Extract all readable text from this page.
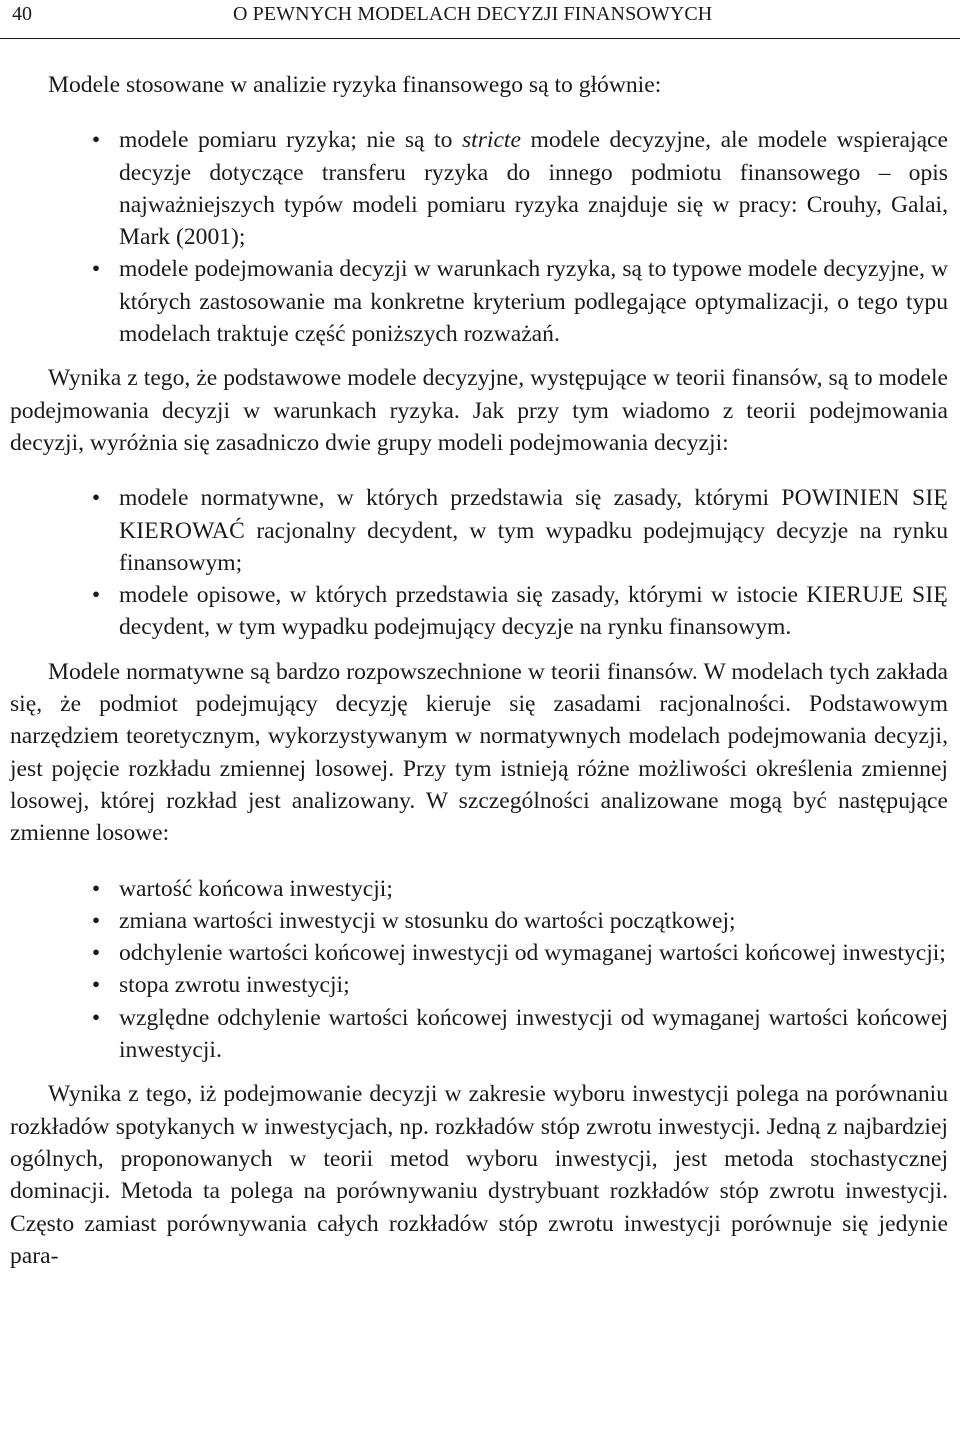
40	O PEWNYCH MODELACH DECYZJI FINANSOWYCH

Modele stosowane w analizie ryzyka finansowego są to głównie:

• modele pomiaru ryzyka; nie są to stricte modele decyzyjne, ale modele wspierające decyzje dotyczące transferu ryzyka do innego podmiotu finansowego – opis najważniejszych typów modeli pomiaru ryzyka znajduje się w pracy: Crouhy, Galai, Mark (2001);
• modele podejmowania decyzji w warunkach ryzyka, są to typowe modele decyzyjne, w których zastosowanie ma konkretne kryterium podlegające optymalizacji, o tego typu modelach traktuje część poniższych rozważań.

Wynika z tego, że podstawowe modele decyzyjne, występujące w teorii finansów, są to modele podejmowania decyzji w warunkach ryzyka. Jak przy tym wiadomo z teorii podejmowania decyzji, wyróżnia się zasadniczo dwie grupy modeli podejmowania decyzji:

• modele normatywne, w których przedstawia się zasady, którymi POWINIEN SIĘ KIEROWAĆ racjonalny decydent, w tym wypadku podejmujący decyzje na rynku finansowym;
• modele opisowe, w których przedstawia się zasady, którymi w istocie KIERUJE SIĘ decydent, w tym wypadku podejmujący decyzje na rynku finansowym.

Modele normatywne są bardzo rozpowszechnione w teorii finansów. W modelach tych zakłada się, że podmiot podejmujący decyzję kieruje się zasadami racjonalności. Podstawowym narzędziem teoretycznym, wykorzystywanym w normatywnych modelach podejmowania decyzji, jest pojęcie rozkładu zmiennej losowej. Przy tym istnieją różne możliwości określenia zmiennej losowej, której rozkład jest analizowany. W szczególności analizowane mogą być następujące zmienne losowe:

• wartość końcowa inwestycji;
• zmiana wartości inwestycji w stosunku do wartości początkowej;
• odchylenie wartości końcowej inwestycji od wymaganej wartości końcowej inwestycji;
• stopa zwrotu inwestycji;
• względne odchylenie wartości końcowej inwestycji od wymaganej wartości końcowej inwestycji.

Wynika z tego, iż podejmowanie decyzji w zakresie wyboru inwestycji polega na porównaniu rozkładów spotykanych w inwestycjach, np. rozkładów stóp zwrotu inwestycji. Jedną z najbardziej ogólnych, proponowanych w teorii metod wyboru inwestycji, jest metoda stochastycznej dominacji. Metoda ta polega na porównywaniu dystrybuant rozkładów stóp zwrotu inwestycji. Często zamiast porównywania całych rozkładów stóp zwrotu inwestycji porównuje się jedynie para-
